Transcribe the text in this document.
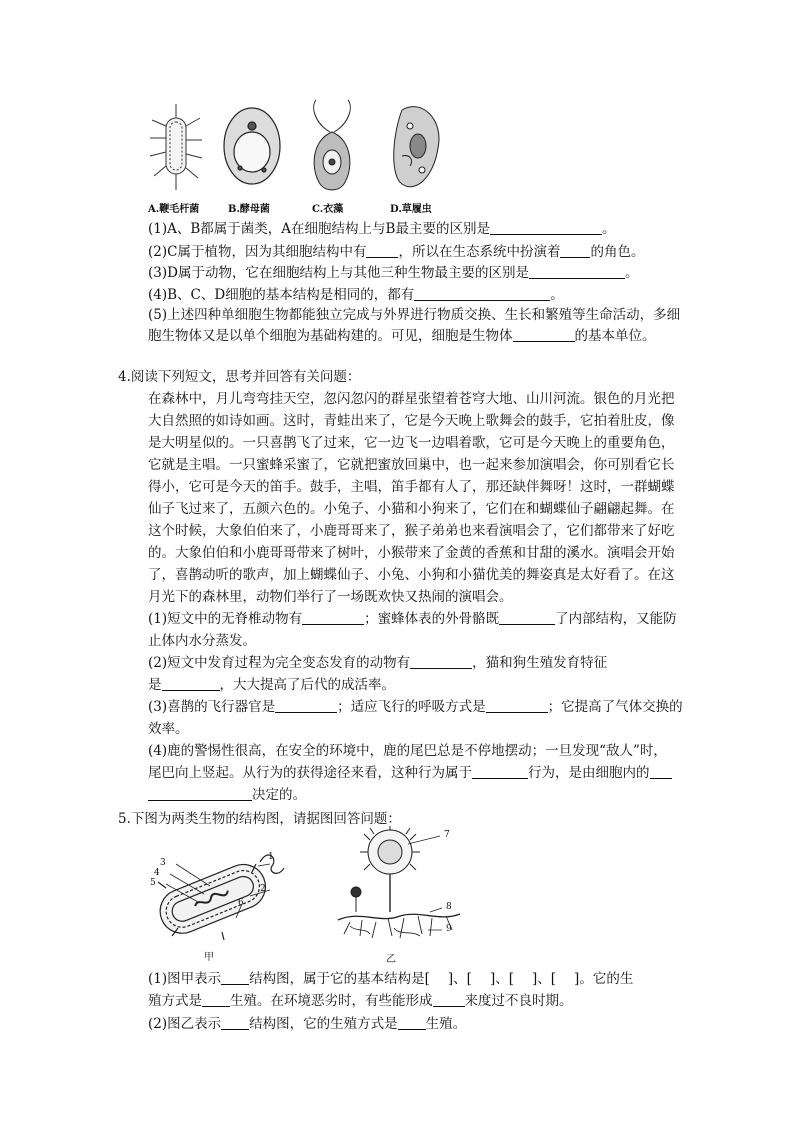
A.鞭毛杆菌	B.酵母菌	C.衣藻	D.草履虫
(1)A、B都属于菌类，A在细胞结构上与B最主要的区别是	。
(2)C属于植物，因为其细胞结构中有 ，所以在生态系统中扮演着 的角色。
(3)D属于动物，它在细胞结构上与其他三种生物最主要的区别是	。
(4)B、C、D细胞的基本结构是相同的，都有	。
(5)上述四种单细胞生物都能独立完成与外界进行物质交换、生长和繁殖等生命活动，多细
胞生物体又是以单个细胞为基础构建的。可见，细胞是生物体	的基本单位。
4.阅读下列短文，思考并回答有关问题：
在森林中，月儿弯弯挂天空，忽闪忽闪的群星张望着苍穹大地、山川河流。银色的月光把
大自然照的如诗如画。这时，青蛙出来了，它是今天晚上歌舞会的鼓手，它拍着肚皮，像
是大明星似的。一只喜鹊飞了过来，它一边飞一边唱着歌，它可是今天晚上的重要角色，
它就是主唱。一只蜜蜂采蜜了，它就把蜜放回巢中，也一起来参加演唱会，你可别看它长
得小，它可是今天的笛手。鼓手，主唱，笛手都有人了，那还缺伴舞呀！这时，一群蝴蝶
仙子飞过来了，五颜六色的。小兔子、小猫和小狗来了，它们在和蝴蝶仙子翩翩起舞。在
这个时候，大象伯伯来了，小鹿哥哥来了，猴子弟弟也来看演唱会了，它们都带来了好吃
的。大象伯伯和小鹿哥哥带来了树叶，小猴带来了金黄的香蕉和甘甜的溪水。演唱会开始
了，喜鹊动听的歌声，加上蝴蝶仙子、小兔、小狗和小猫优美的舞姿真是太好看了。在这
月光下的森林里，动物们举行了一场既欢快又热闹的演唱会。
(1)短文中的无脊椎动物有	；蜜蜂体表的外骨骼既	了内部结构，又能防
止体内水分蒸发。
(2)短文中发育过程为完全变态发育的动物有	，猫和狗生殖发育特征
是	，大大提高了后代的成活率。
(3)喜鹊的飞行器官是	；适应飞行的呼吸方式是	；它提高了气体交换的
效率。
(4)鹿的警惕性很高，在安全的环境中，鹿的尾巴总是不停地摆动；一旦发现“敌人”时，
尾巴向上竖起。从行为的获得途径来看，这种行为属于	行为，是由细胞内的
决定的。
5.下图为两类生物的结构图，请据图回答问题：
1
2
3
4
5
6
甲
7
8
9
乙
(1)图甲表示 结构图，属于它的基本结构是[ ]、[ ]、[ ]、[ ]。它的生
殖方式是 生殖。在环境恶劣时，有些能形成 来度过不良时期。
(2)图乙表示 结构图，它的生殖方式是 生殖。
